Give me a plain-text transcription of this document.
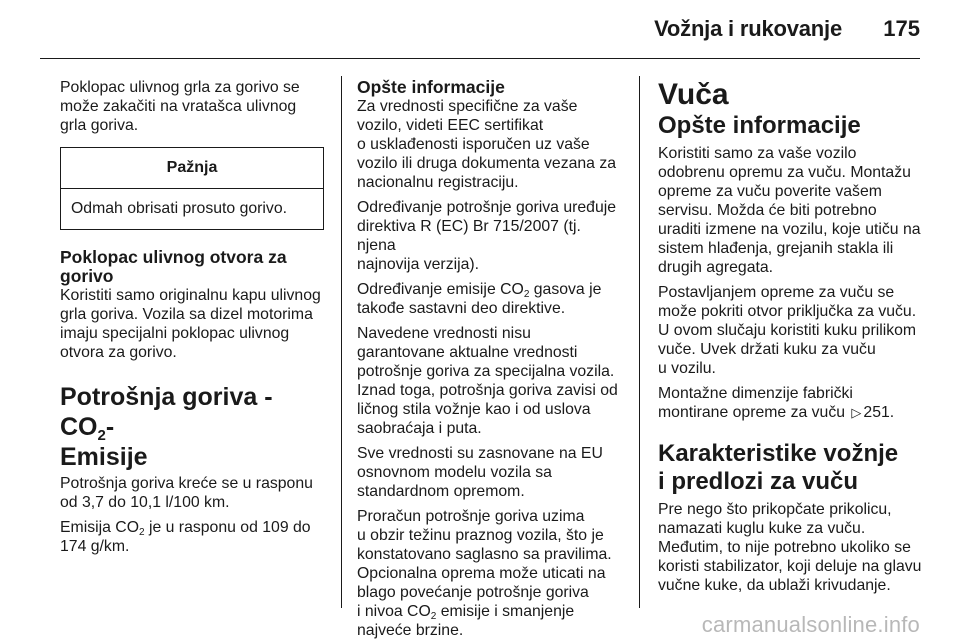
Vožnja i rukovanje 175

Poklopac ulivnog grla za gorivo se
može zakačiti na vratašca ulivnog
grla goriva.

Pažnja
Odmah obrisati prosuto gorivo.
Poklopac ulivnog otvora za
gorivo

Koristiti samo originalnu kapu ulivnog
grla goriva. Vozila sa dizel motorima
imaju specijalni poklopac ulivnog
otvora za gorivo.

Potrošnja goriva - $CO_2-$
Emisije

Potrošnja goriva kreće se u rasponu
od 3,7 do 10,1 l/100 km.

Emisija $CO_2$ je u rasponu od 109 do
174 g/km.

Opšte informacije

Za vrednosti specifične za vaše
vozilo, videti EEC sertifikat
o usklađenosti isporučen uz vaše
vozilo ili druga dokumenta vezana za
nacionalnu registraciju.

Određivanje potrošnje goriva uređuje
direktiva R (EC) Br 715/2007 (tj. njena
najnovija verzija).

Određivanje emisije $CO_2$ gasova je
takođe sastavni deo direktive.

Navedene vrednosti nisu
garantovane aktualne vrednosti
potrošnje goriva za specijalna vozila.
Iznad toga, potrošnja goriva zavisi od
ličnog stila vožnje kao i od uslova
saobraćaja i puta.

Sve vrednosti su zasnovane na EU
osnovnom modelu vozila sa
standardnom opremom.

Proračun potrošnje goriva uzima
u obzir težinu praznog vozila, što je
konstatovano saglasno sa pravilima.
Opcionalna oprema može uticati na
blago povećanje potrošnje goriva
i nivoa $CO_2$ emisije i smanjenje
najveće brzine.

Vuča
Opšte informacije

Koristiti samo za vaše vozilo
odobrenu opremu za vuču. Montažu
opreme za vuču poverite vašem
servisu. Možda će biti potrebno
uraditi izmene na vozilu, koje utiču na
sistem hlađenja, grejanih stakla ili
drugih agregata.

Postavljanjem opreme za vuču se
može pokriti otvor priključka za vuču.
U ovom slučaju koristiti kuku prilikom
vuče. Uvek držati kuku za vuču
u vozilu.

Montažne dimenzije fabrički
montirane opreme za vuču ▷ 251.

Karakteristike vožnje
i predlozi za vuču

Pre nego što prikopčate prikolicu,
namazati kuglu kuke za vuču.
Međutim, to nije potrebno ukoliko se
koristi stabilizator, koji deluje na glavu
vučne kuke, da ublaži krivudanje.

carmanualsonline.info
